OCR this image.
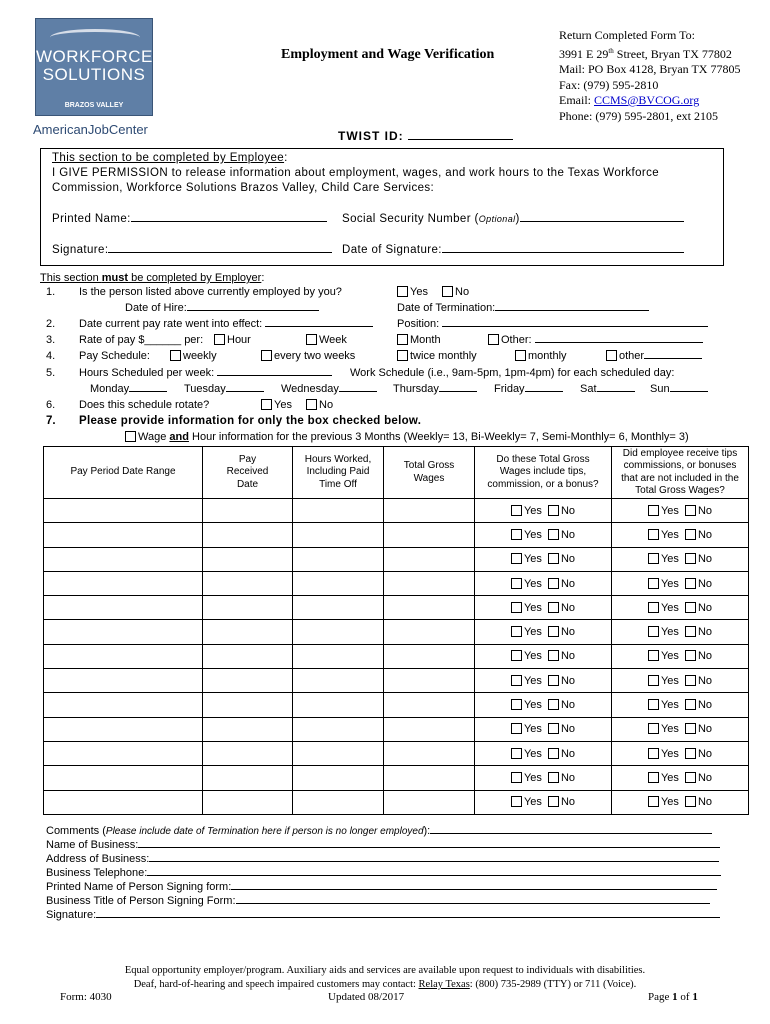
WORKFORCE
SOLUTIONS
BRAZOS VALLEY
AmericanJobCenter
Employment and Wage Verification
Return Completed Form To:
3991 E 29th Street, Bryan TX 77802
Mail: PO Box 4128, Bryan TX 77805
Fax: (979) 595-2810
Email: CCMS@BVCOG.org
Phone: (979) 595-2801, ext 2105
TWIST ID:
This section to be completed by Employee:
I GIVE PERMISSION to release information about employment, wages, and work hours to the Texas Workforce
Commission, Workforce Solutions Brazos Valley, Child Care Services:
Printed Name:	Social Security Number (Optional)
Signature:	Date of Signature:
This section must be completed by Employer:
1. Is the person listed above currently employed by you?	Yes	No
Date of Hire:	Date of Termination:
2. Date current pay rate went into effect:	Position:
3. Rate of pay $______ per:	Hour	Week	Month	Other:
4. Pay Schedule:	weekly	every two weeks	twice monthly	monthly	other
5. Hours Scheduled per week:	Work Schedule (i.e., 9am-5pm, 1pm-4pm) for each scheduled day:
Monday	Tuesday	Wednesday	Thursday	Friday	Sat	Sun
6. Does this schedule rotate?	Yes	No
7. Please provide information for only the box checked below.
Wage and Hour information for the previous 3 Months (Weekly= 13, Bi-Weekly= 7, Semi-Monthly= 6, Monthly= 3)
Pay Period Date Range	Pay Received Date	Hours Worked, Including Paid Time Off	Total Gross Wages	Do these Total Gross Wages include tips, commission, or a bonus?	Did employee receive tips commissions, or bonuses that are not included in the Total Gross Wages?

				Yes No	Yes No

				Yes No	Yes No

				Yes No	Yes No

				Yes No	Yes No

				Yes No	Yes No

				Yes No	Yes No

				Yes No	Yes No

				Yes No	Yes No

				Yes No	Yes No

				Yes No	Yes No

				Yes No	Yes No

				Yes No	Yes No

				Yes No	Yes No
Comments (Please include date of Termination here if person is no longer employed):
Name of Business:
Address of Business:
Business Telephone:
Printed Name of Person Signing form:
Business Title of Person Signing Form:
Signature:
Equal opportunity employer/program. Auxiliary aids and services are available upon request to individuals with disabilities.
Deaf, hard-of-hearing and speech impaired customers may contact: Relay Texas: (800) 735-2989 (TTY) or 711 (Voice).
Form: 4030	Updated 08/2017	Page 1 of 1
